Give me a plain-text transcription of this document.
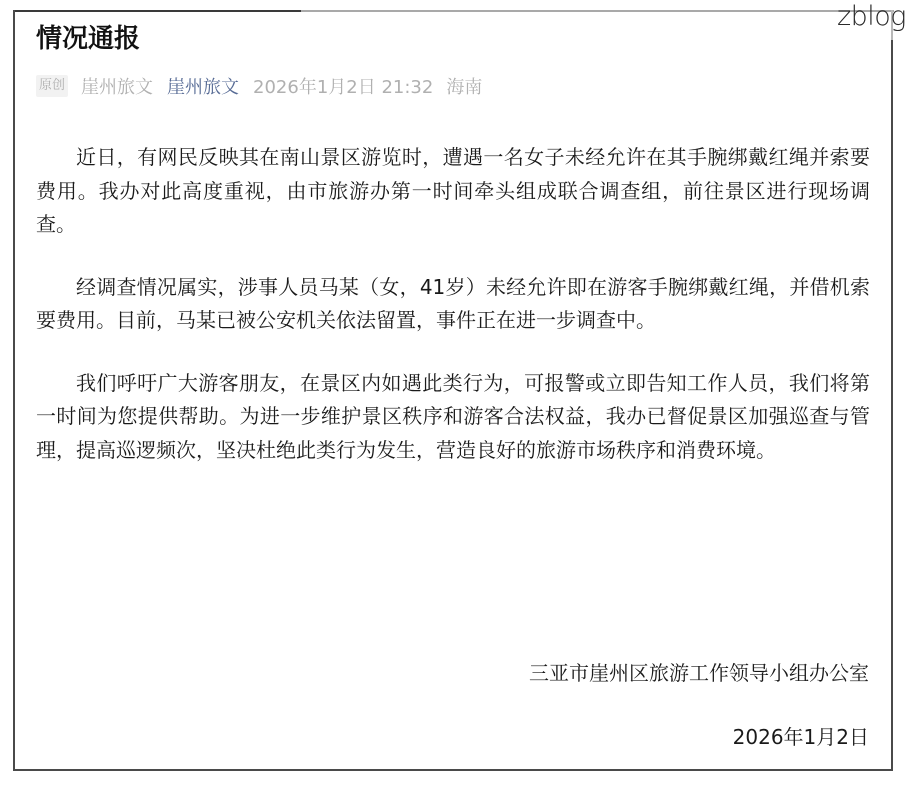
zblog
情况通报
原创 崖州旅文 崖州旅文 2026年1月2日 21:32 海南

近日，有网民反映其在南山景区游览时，遭遇一名女子未经允许在其手腕绑戴红绳并索要费用。我办对此高度重视，由市旅游办第一时间牵头组成联合调查组，前往景区进行现场调查。

经调查情况属实，涉事人员马某（女，41岁）未经允许即在游客手腕绑戴红绳，并借机索要费用。目前，马某已被公安机关依法留置，事件正在进一步调查中。

我们呼吁广大游客朋友，在景区内如遇此类行为，可报警或立即告知工作人员，我们将第一时间为您提供帮助。为进一步维护景区秩序和游客合法权益，我办已督促景区加强巡查与管理，提高巡逻频次，坚决杜绝此类行为发生，营造良好的旅游市场秩序和消费环境。

三亚市崖州区旅游工作领导小组办公室
2026年1月2日
